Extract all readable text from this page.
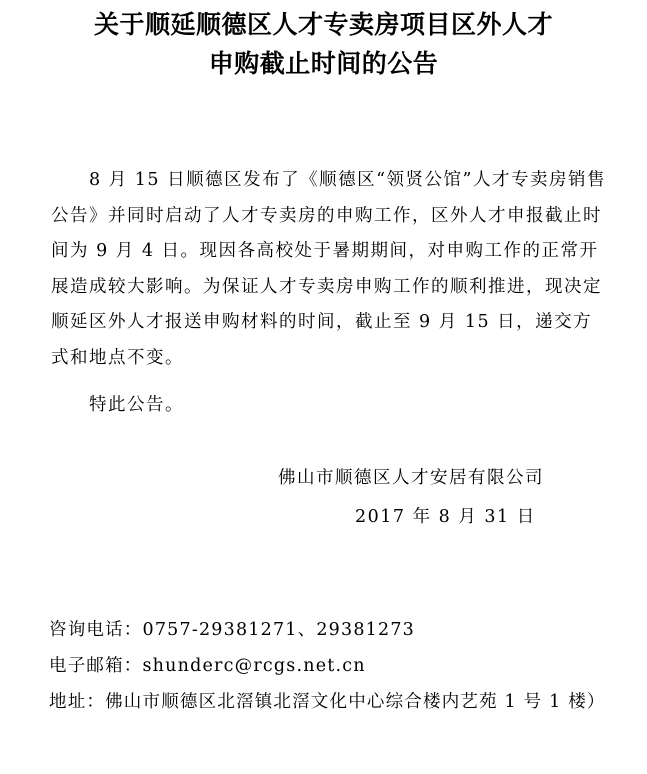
关于顺延顺德区人才专卖房项目区外人才
申购截止时间的公告

8 月 15 日顺德区发布了《顺德区“领贤公馆”人才专卖房销售公告》并同时启动了人才专卖房的申购工作，区外人才申报截止时间为 9 月 4 日。现因各高校处于暑期期间，对申购工作的正常开展造成较大影响。为保证人才专卖房申购工作的顺利推进，现决定顺延区外人才报送申购材料的时间，截止至 9 月 15 日，递交方式和地点不变。

特此公告。

佛山市顺德区人才安居有限公司
2017 年 8 月 31 日

咨询电话：0757-29381271、29381273

电子邮箱：shunderc@rcgs.net.cn

地址：佛山市顺德区北滘镇北滘文化中心综合楼内艺苑 1 号 1 楼）
